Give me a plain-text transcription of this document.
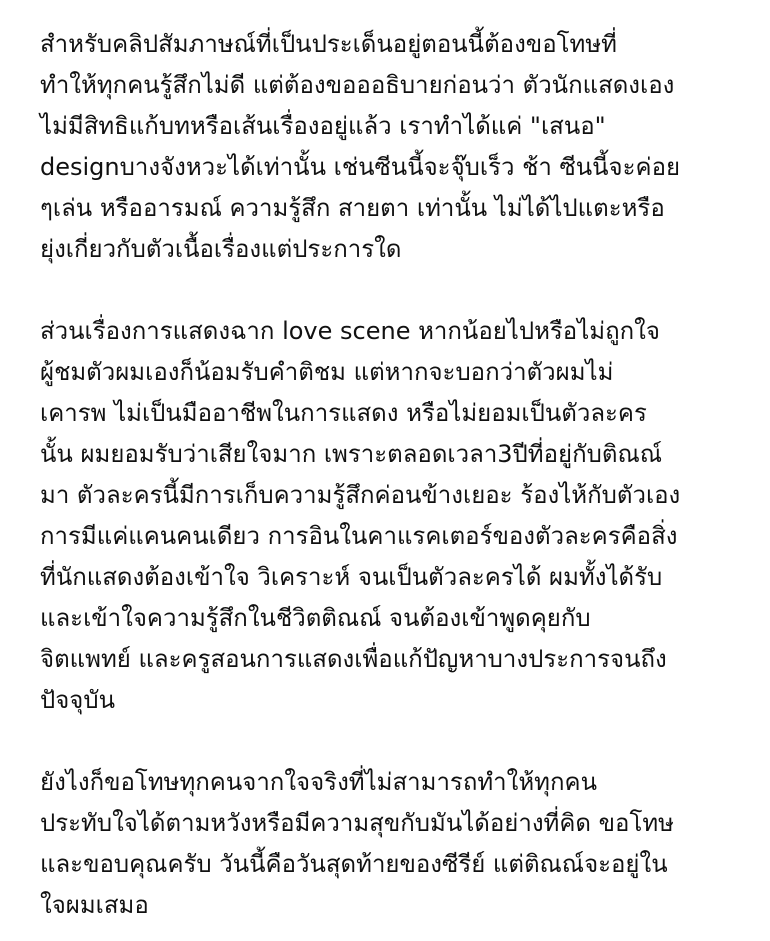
สำหรับคลิปสัมภาษณ์ที่เป็นประเด็นอยู่ตอนนี้ต้องขอโทษที่
ทำให้ทุกคนรู้สึกไม่ดี แต่ต้องขอออธิบายก่อนว่า ตัวนักแสดงเอง
ไม่มีสิทธิแก้บทหรือเส้นเรื่องอยู่แล้ว เราทำได้แค่ "เสนอ"
designบางจังหวะได้เท่านั้น เช่นซีนนี้จะจุ๊บเร็ว ช้า ซีนนี้จะค่อย
ๆเล่น หรืออารมณ์ ความรู้สึก สายตา เท่านั้น ไม่ได้ไปแตะหรือ
ยุ่งเกี่ยวกับตัวเนื้อเรื่องแต่ประการใด

ส่วนเรื่องการแสดงฉาก love scene หากน้อยไปหรือไม่ถูกใจ
ผู้ชมตัวผมเองก็น้อมรับคำติชม แต่หากจะบอกว่าตัวผมไม่
เคารพ ไม่เป็นมืออาชีพในการแสดง หรือไม่ยอมเป็นตัวละคร
นั้น ผมยอมรับว่าเสียใจมาก เพราะตลอดเวลา3ปีที่อยู่กับติณณ์
มา ตัวละครนี้มีการเก็บความรู้สึกค่อนข้างเยอะ ร้องไห้กับตัวเอง
การมีแค่แคนคนเดียว การอินในคาแรคเตอร์ของตัวละครคือสิ่ง
ที่นักแสดงต้องเข้าใจ วิเคราะห์ จนเป็นตัวละครได้ ผมทั้งได้รับ
และเข้าใจความรู้สึกในชีวิตติณณ์ จนต้องเข้าพูดคุยกับ
จิตแพทย์ และครูสอนการแสดงเพื่อแก้ปัญหาบางประการจนถึง
ปัจจุบัน

ยังไงก็ขอโทษทุกคนจากใจจริงที่ไม่สามารถทำให้ทุกคน
ประทับใจได้ตามหวังหรือมีความสุขกับมันได้อย่างที่คิด ขอโทษ
และขอบคุณครับ วันนี้คือวันสุดท้ายของซีรีย์ แต่ติณณ์จะอยู่ใน
ใจผมเสมอ
